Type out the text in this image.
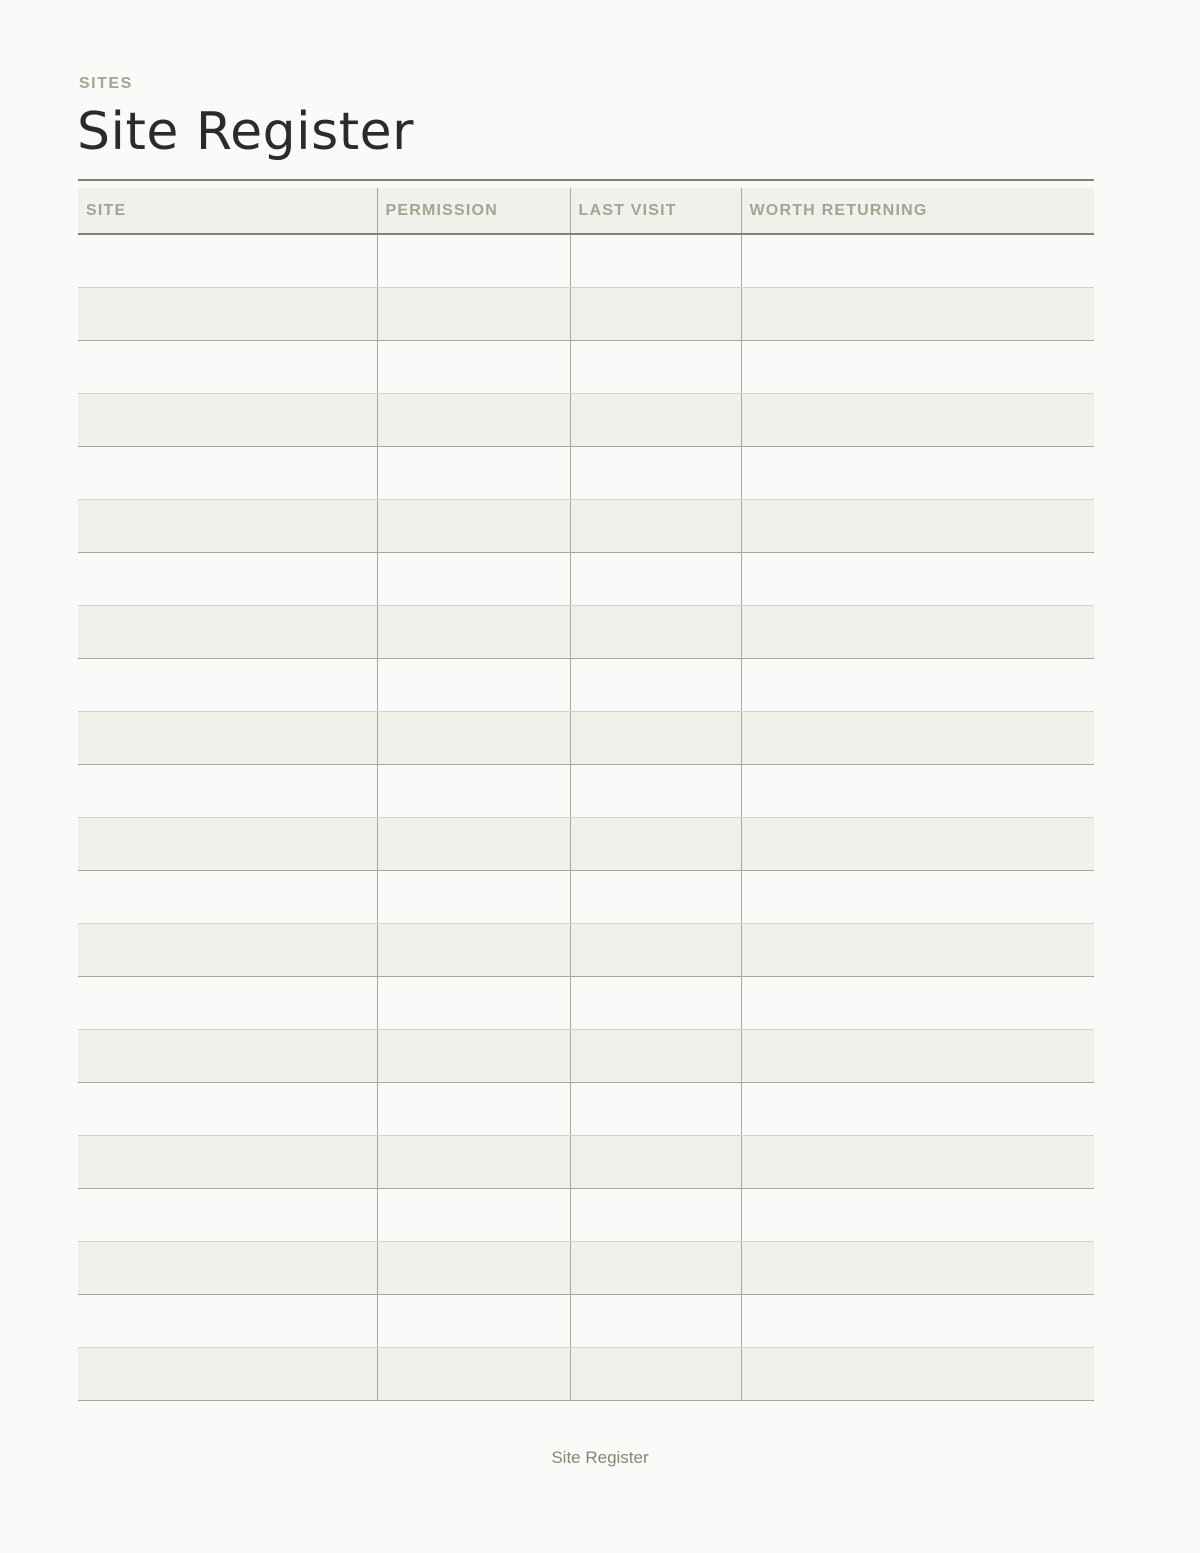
SITES
Site Register
SITE	PERMISSION	LAST VISIT	WORTH RETURNING

Site Register
